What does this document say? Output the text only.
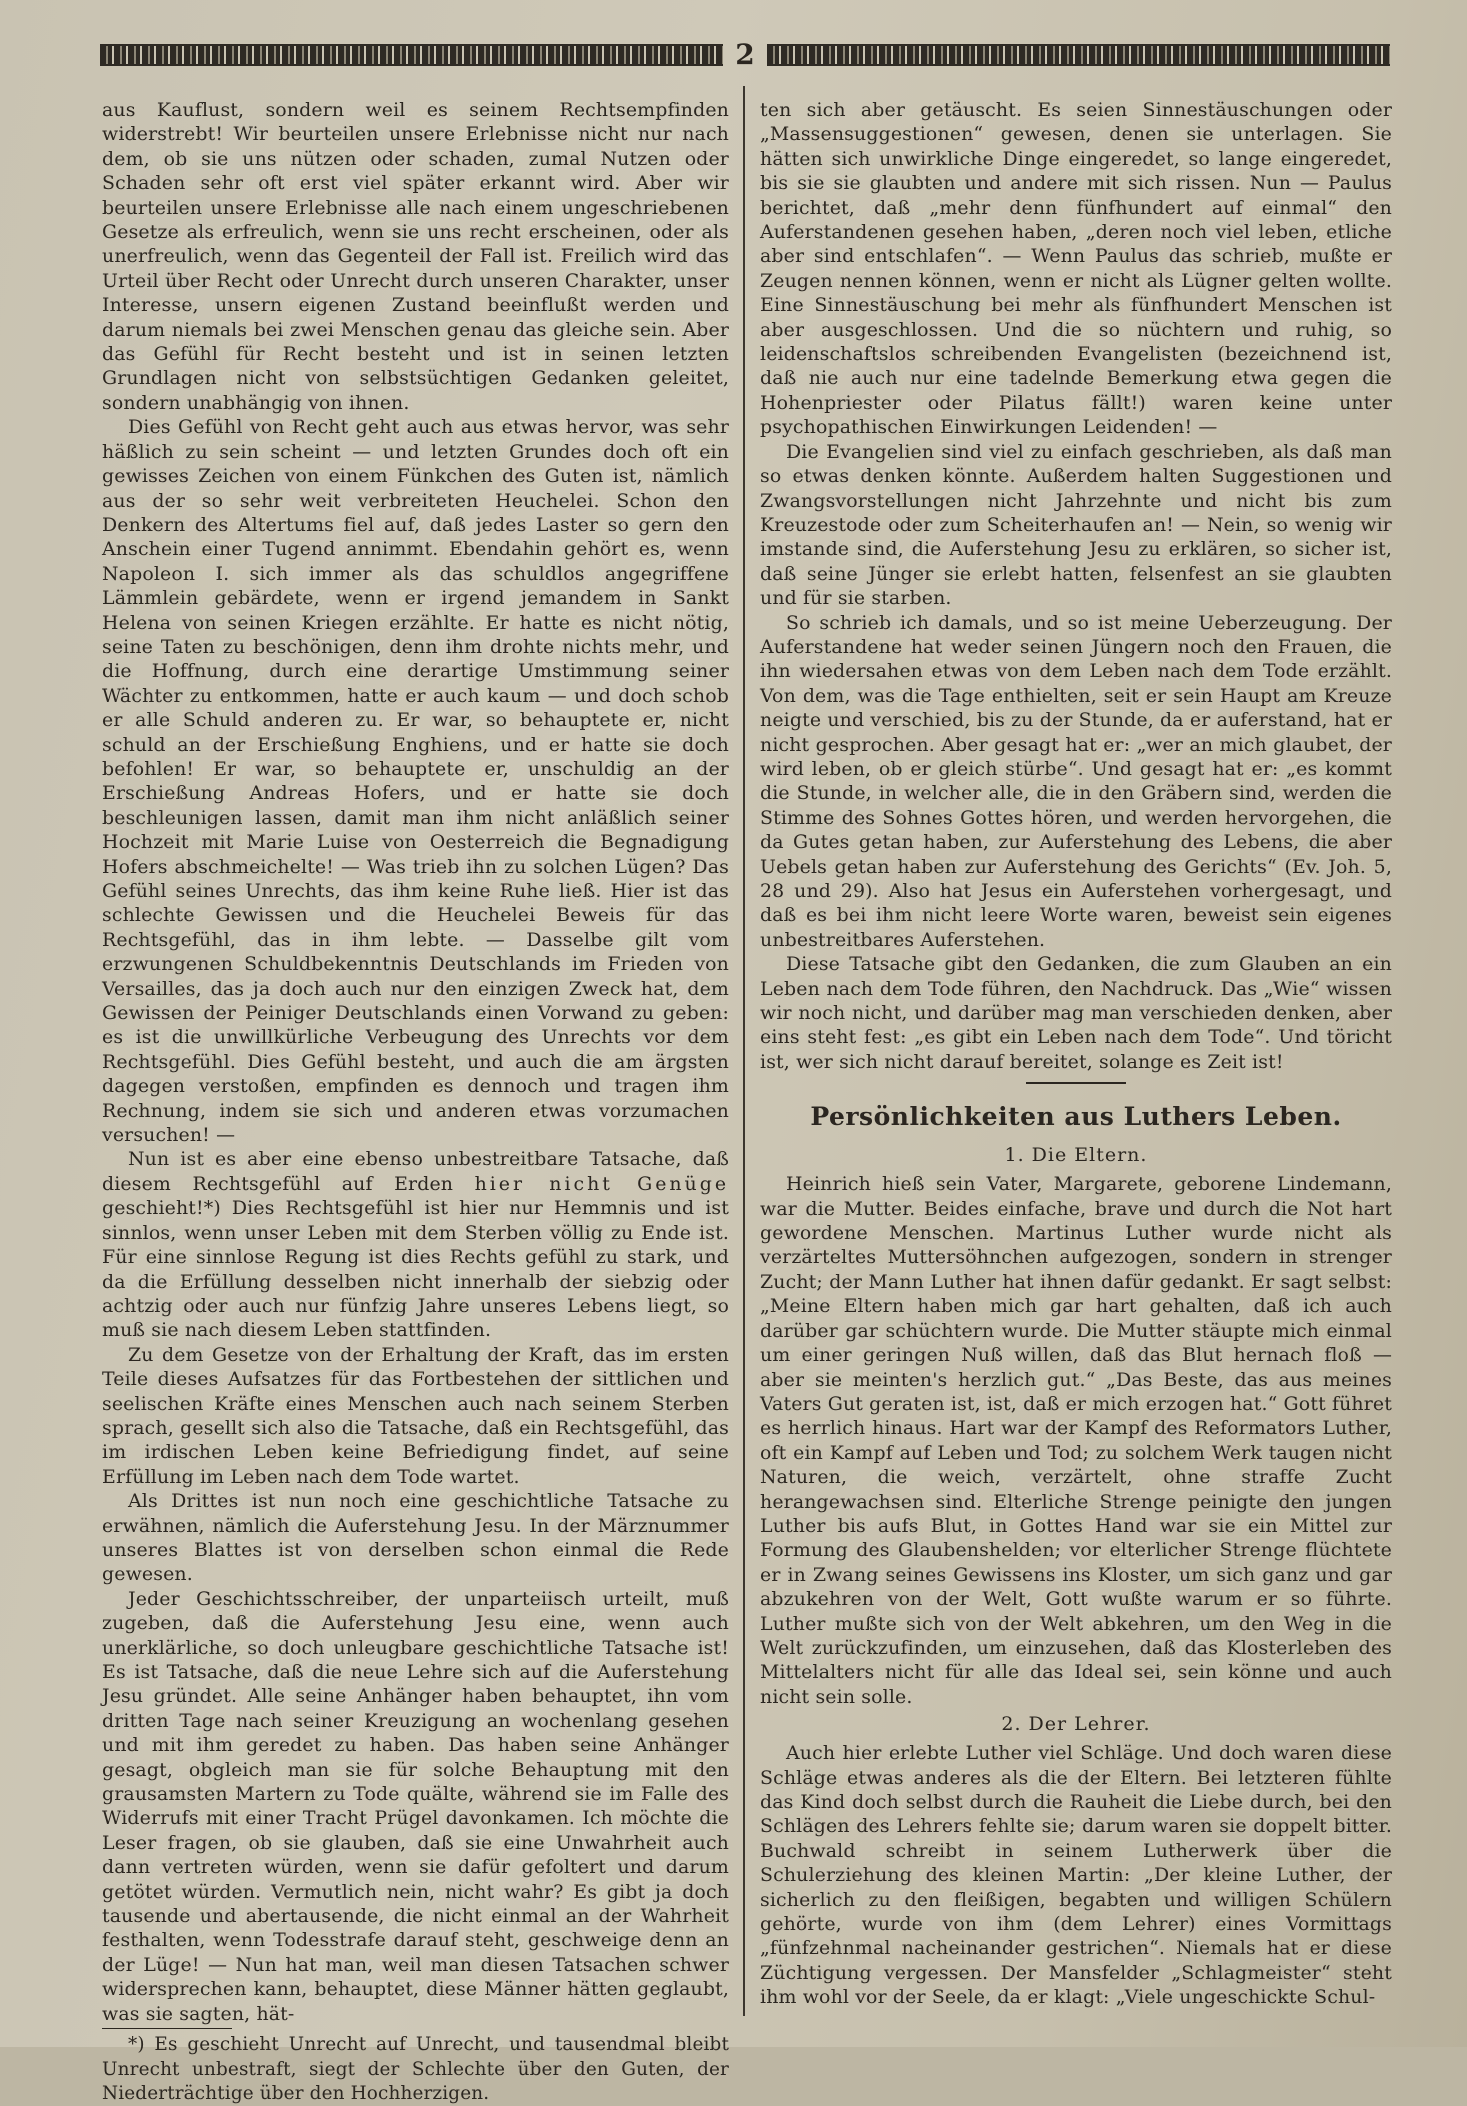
2

aus Kauflust, sondern weil es seinem Rechtsempfinden widerstrebt! Wir beurteilen unsere Erlebnisse nicht nur nach dem, ob sie uns nützen oder schaden, zumal Nutzen oder Schaden sehr oft erst viel später erkannt wird. Aber wir beurteilen unsere Erlebnisse alle nach einem ungeschriebenen Gesetze als erfreulich, wenn sie uns recht erscheinen, oder als unerfreulich, wenn das Gegenteil der Fall ist. Freilich wird das Urteil über Recht oder Unrecht durch unseren Charakter, unser Interesse, unsern eigenen Zustand beeinflußt werden und darum niemals bei zwei Menschen genau das gleiche sein. Aber das Gefühl für Recht besteht und ist in seinen letzten Grundlagen nicht von selbstsüchtigen Gedanken geleitet, sondern unabhängig von ihnen.

Dies Gefühl von Recht geht auch aus etwas hervor, was sehr häßlich zu sein scheint — und letzten Grundes doch oft ein gewisses Zeichen von einem Fünkchen des Guten ist, nämlich aus der so sehr weit verbreiteten Heuchelei. Schon den Denkern des Altertums fiel auf, daß jedes Laster so gern den Anschein einer Tugend annimmt. Ebendahin gehört es, wenn Napoleon I. sich immer als das schuldlos angegriffene Lämmlein gebärdete, wenn er irgend jemandem in Sankt Helena von seinen Kriegen erzählte. Er hatte es nicht nötig, seine Taten zu beschönigen, denn ihm drohte nichts mehr, und die Hoffnung, durch eine derartige Umstimmung seiner Wächter zu entkommen, hatte er auch kaum — und doch schob er alle Schuld anderen zu. Er war, so behauptete er, nicht schuld an der Erschießung Enghiens, und er hatte sie doch befohlen! Er war, so behauptete er, unschuldig an der Erschießung Andreas Hofers, und er hatte sie doch beschleunigen lassen, damit man ihm nicht anläßlich seiner Hochzeit mit Marie Luise von Oesterreich die Begnadigung Hofers abschmeichelte! — Was trieb ihn zu solchen Lügen? Das Gefühl seines Unrechts, das ihm keine Ruhe ließ. Hier ist das schlechte Gewissen und die Heuchelei Beweis für das Rechtsgefühl, das in ihm lebte. — Dasselbe gilt vom erzwungenen Schuldbekenntnis Deutschlands im Frieden von Versailles, das ja doch auch nur den einzigen Zweck hat, dem Gewissen der Peiniger Deutschlands einen Vorwand zu geben: es ist die unwillkürliche Verbeugung des Unrechts vor dem Rechtsgefühl. Dies Gefühl besteht, und auch die am ärgsten dagegen verstoßen, empfinden es dennoch und tragen ihm Rechnung, indem sie sich und anderen etwas vorzumachen versuchen! —

Nun ist es aber eine ebenso unbestreitbare Tatsache, daß diesem Rechtsgefühl auf Erden hier nicht Genüge geschieht!*) Dies Rechtsgefühl ist hier nur Hemmnis und ist sinnlos, wenn unser Leben mit dem Sterben völlig zu Ende ist. Für eine sinnlose Regung ist dies Rechts gefühl zu stark, und da die Erfüllung desselben nicht innerhalb der siebzig oder achtzig oder auch nur fünfzig Jahre unseres Lebens liegt, so muß sie nach diesem Leben stattfinden.

Zu dem Gesetze von der Erhaltung der Kraft, das im ersten Teile dieses Aufsatzes für das Fortbestehen der sittlichen und seelischen Kräfte eines Menschen auch nach seinem Sterben sprach, gesellt sich also die Tatsache, daß ein Rechtsgefühl, das im irdischen Leben keine Befriedigung findet, auf seine Erfüllung im Leben nach dem Tode wartet.

Als Drittes ist nun noch eine geschichtliche Tatsache zu erwähnen, nämlich die Auferstehung Jesu. In der Märznummer unseres Blattes ist von derselben schon einmal die Rede gewesen.

Jeder Geschichtsschreiber, der unparteiisch urteilt, muß zugeben, daß die Auferstehung Jesu eine, wenn auch unerklärliche, so doch unleugbare geschichtliche Tatsache ist! Es ist Tatsache, daß die neue Lehre sich auf die Auferstehung Jesu gründet. Alle seine Anhänger haben behauptet, ihn vom dritten Tage nach seiner Kreuzigung an wochenlang gesehen und mit ihm geredet zu haben. Das haben seine Anhänger gesagt, obgleich man sie für solche Behauptung mit den grausamsten Martern zu Tode quälte, während sie im Falle des Widerrufs mit einer Tracht Prügel davonkamen. Ich möchte die Leser fragen, ob sie glauben, daß sie eine Unwahrheit auch dann vertreten würden, wenn sie dafür gefoltert und darum getötet würden. Vermutlich nein, nicht wahr? Es gibt ja doch tausende und abertausende, die nicht einmal an der Wahrheit festhalten, wenn Todesstrafe darauf steht, geschweige denn an der Lüge! — Nun hat man, weil man diesen Tatsachen schwer widersprechen kann, behauptet, diese Männer hätten geglaubt, was sie sagten, hät-

*) Es geschieht Unrecht auf Unrecht, und tausendmal bleibt Unrecht unbestraft, siegt der Schlechte über den Guten, der Niederträchtige über den Hochherzigen.

ten sich aber getäuscht. Es seien Sinnestäuschungen oder „Massensuggestionen“ gewesen, denen sie unterlagen. Sie hätten sich unwirkliche Dinge eingeredet, so lange eingeredet, bis sie sie glaubten und andere mit sich rissen. Nun — Paulus berichtet, daß „mehr denn fünfhundert auf einmal“ den Auferstandenen gesehen haben, „deren noch viel leben, etliche aber sind entschlafen“. — Wenn Paulus das schrieb, mußte er Zeugen nennen können, wenn er nicht als Lügner gelten wollte. Eine Sinnestäuschung bei mehr als fünfhundert Menschen ist aber ausgeschlossen. Und die so nüchtern und ruhig, so leidenschaftslos schreibenden Evangelisten (bezeichnend ist, daß nie auch nur eine tadelnde Bemerkung etwa gegen die Hohenpriester oder Pilatus fällt!) waren keine unter psychopathischen Einwirkungen Leidenden! —

Die Evangelien sind viel zu einfach geschrieben, als daß man so etwas denken könnte. Außerdem halten Suggestionen und Zwangsvorstellungen nicht Jahrzehnte und nicht bis zum Kreuzestode oder zum Scheiterhaufen an! — Nein, so wenig wir imstande sind, die Auferstehung Jesu zu erklären, so sicher ist, daß seine Jünger sie erlebt hatten, felsenfest an sie glaubten und für sie starben.

So schrieb ich damals, und so ist meine Ueberzeugung. Der Auferstandene hat weder seinen Jüngern noch den Frauen, die ihn wiedersahen etwas von dem Leben nach dem Tode erzählt. Von dem, was die Tage enthielten, seit er sein Haupt am Kreuze neigte und verschied, bis zu der Stunde, da er auferstand, hat er nicht gesprochen. Aber gesagt hat er: „wer an mich glaubet, der wird leben, ob er gleich stürbe“. Und gesagt hat er: „es kommt die Stunde, in welcher alle, die in den Gräbern sind, werden die Stimme des Sohnes Gottes hören, und werden hervorgehen, die da Gutes getan haben, zur Auferstehung des Lebens, die aber Uebels getan haben zur Auferstehung des Gerichts“ (Ev. Joh. 5, 28 und 29). Also hat Jesus ein Auferstehen vorhergesagt, und daß es bei ihm nicht leere Worte waren, beweist sein eigenes unbestreitbares Auferstehen.

Diese Tatsache gibt den Gedanken, die zum Glauben an ein Leben nach dem Tode führen, den Nachdruck. Das „Wie“ wissen wir noch nicht, und darüber mag man verschieden denken, aber eins steht fest: „es gibt ein Leben nach dem Tode“. Und töricht ist, wer sich nicht darauf bereitet, solange es Zeit ist!

Persönlichkeiten aus Luthers Leben.
1. Die Eltern.

Heinrich hieß sein Vater, Margarete, geborene Lindemann, war die Mutter. Beides einfache, brave und durch die Not hart gewordene Menschen. Martinus Luther wurde nicht als verzärteltes Muttersöhnchen aufgezogen, sondern in strenger Zucht; der Mann Luther hat ihnen dafür gedankt. Er sagt selbst: „Meine Eltern haben mich gar hart gehalten, daß ich auch darüber gar schüchtern wurde. Die Mutter stäupte mich einmal um einer geringen Nuß willen, daß das Blut hernach floß — aber sie meinten's herzlich gut.“ „Das Beste, das aus meines Vaters Gut geraten ist, ist, daß er mich erzogen hat.“ Gott führet es herrlich hinaus. Hart war der Kampf des Reformators Luther, oft ein Kampf auf Leben und Tod; zu solchem Werk taugen nicht Naturen, die weich, verzärtelt, ohne straffe Zucht herangewachsen sind. Elterliche Strenge peinigte den jungen Luther bis aufs Blut, in Gottes Hand war sie ein Mittel zur Formung des Glaubenshelden; vor elterlicher Strenge flüchtete er in Zwang seines Gewissens ins Kloster, um sich ganz und gar abzukehren von der Welt, Gott wußte warum er so führte. Luther mußte sich von der Welt abkehren, um den Weg in die Welt zurückzufinden, um einzusehen, daß das Klosterleben des Mittelalters nicht für alle das Ideal sei, sein könne und auch nicht sein solle.

2. Der Lehrer.

Auch hier erlebte Luther viel Schläge. Und doch waren diese Schläge etwas anderes als die der Eltern. Bei letzteren fühlte das Kind doch selbst durch die Rauheit die Liebe durch, bei den Schlägen des Lehrers fehlte sie; darum waren sie doppelt bitter. Buchwald schreibt in seinem Lutherwerk über die Schulerziehung des kleinen Martin: „Der kleine Luther, der sicherlich zu den fleißigen, begabten und willigen Schülern gehörte, wurde von ihm (dem Lehrer) eines Vormittags „fünfzehnmal nacheinander gestrichen“. Niemals hat er diese Züchtigung vergessen. Der Mansfelder „Schlagmeister“ steht ihm wohl vor der Seele, da er klagt: „Viele ungeschickte Schul-
